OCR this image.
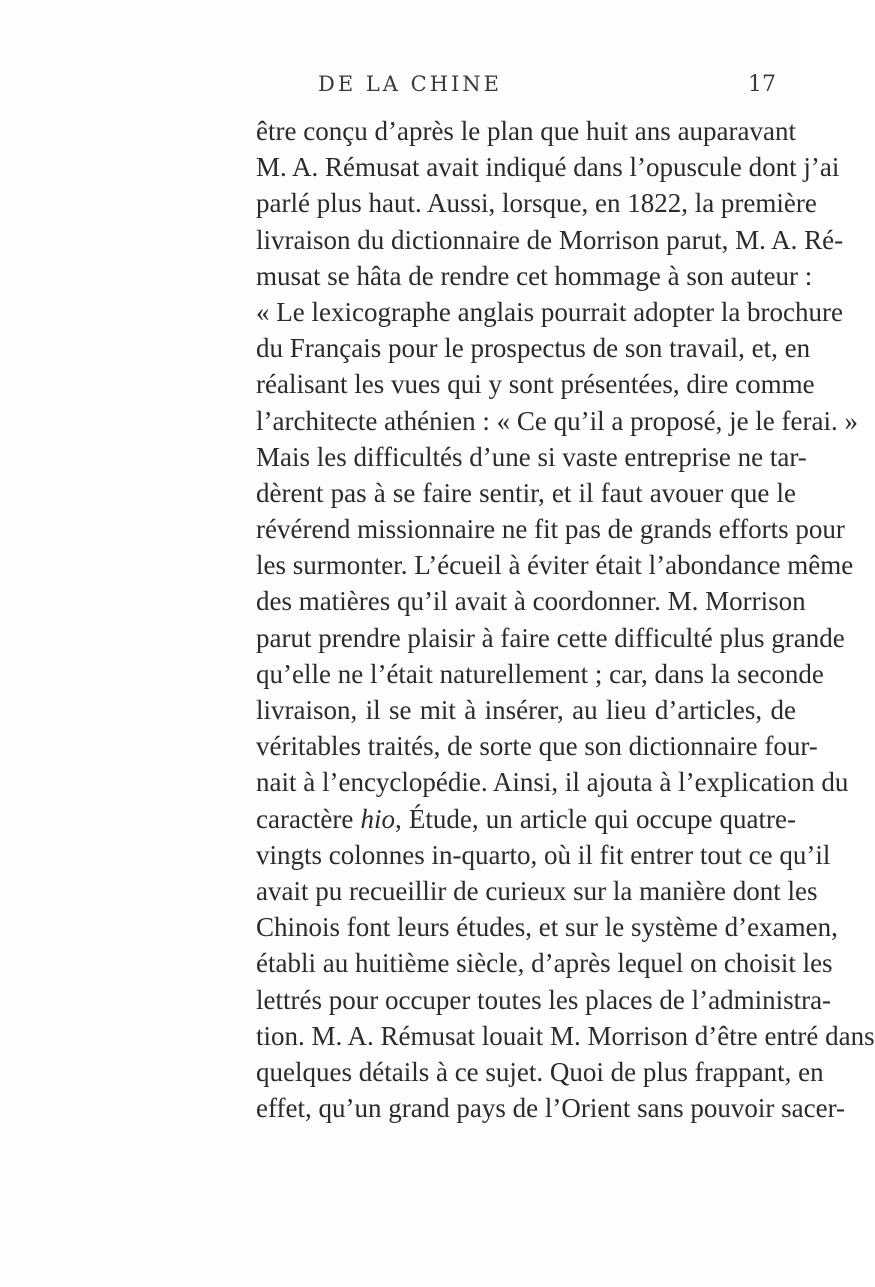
DE LA CHINE	17
être conçu d’après le plan que huit ans auparavant
M. A. Rémusat avait indiqué dans l’opuscule dont j’ai
parlé plus haut. Aussi, lorsque, en 1822, la première
livraison du dictionnaire de Morrison parut, M. A. Ré-
musat se hâta de rendre cet hommage à son auteur :
« Le lexicographe anglais pourrait adopter la brochure
du Français pour le prospectus de son travail, et, en
réalisant les vues qui y sont présentées, dire comme
l’architecte athénien : « Ce qu’il a proposé, je le ferai. »
Mais les difficultés d’une si vaste entreprise ne tar-
dèrent pas à se faire sentir, et il faut avouer que le
révérend missionnaire ne fit pas de grands efforts pour
les surmonter. L’écueil à éviter était l’abondance même
des matières qu’il avait à coordonner. M. Morrison
parut prendre plaisir à faire cette difficulté plus grande
qu’elle ne l’était naturellement ; car, dans la seconde
livraison, il se mit à insérer, au lieu d’articles, de
véritables traités, de sorte que son dictionnaire four-
nait à l’encyclopédie. Ainsi, il ajouta à l’explication du
caractère hio, Étude, un article qui occupe quatre-
vingts colonnes in-quarto, où il fit entrer tout ce qu’il
avait pu recueillir de curieux sur la manière dont les
Chinois font leurs études, et sur le système d’examen,
établi au huitième siècle, d’après lequel on choisit les
lettrés pour occuper toutes les places de l’administra-
tion. M. A. Rémusat louait M. Morrison d’être entré dans
quelques détails à ce sujet. Quoi de plus frappant, en
effet, qu’un grand pays de l’Orient sans pouvoir sacer-
